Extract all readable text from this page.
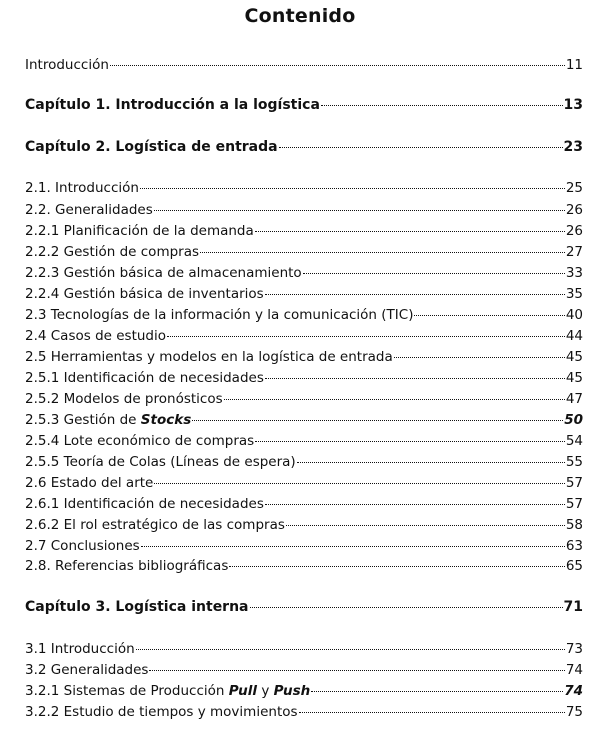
Contenido
Introducción	11
Capítulo 1. Introducción a la logística	13
Capítulo 2. Logística de entrada	23
2.1. Introducción	25
2.2. Generalidades	26
2.2.1 Planificación de la demanda	26
2.2.2 Gestión de compras	27
2.2.3 Gestión básica de almacenamiento	33
2.2.4 Gestión básica de inventarios	35
2.3 Tecnologías de la información y la comunicación (TIC)	40
2.4 Casos de estudio	44
2.5 Herramientas y modelos en la logística de entrada	45
2.5.1 Identificación de necesidades	45
2.5.2 Modelos de pronósticos	47
2.5.3 Gestión de Stocks	50
2.5.4 Lote económico de compras	54
2.5.5 Teoría de Colas (Líneas de espera)	55
2.6 Estado del arte	57
2.6.1 Identificación de necesidades	57
2.6.2 El rol estratégico de las compras	58
2.7 Conclusiones	63
2.8. Referencias bibliográficas	65
Capítulo 3. Logística interna	71
3.1 Introducción	73
3.2 Generalidades	74
3.2.1 Sistemas de Producción Pull y Push	74
3.2.2 Estudio de tiempos y movimientos	75
